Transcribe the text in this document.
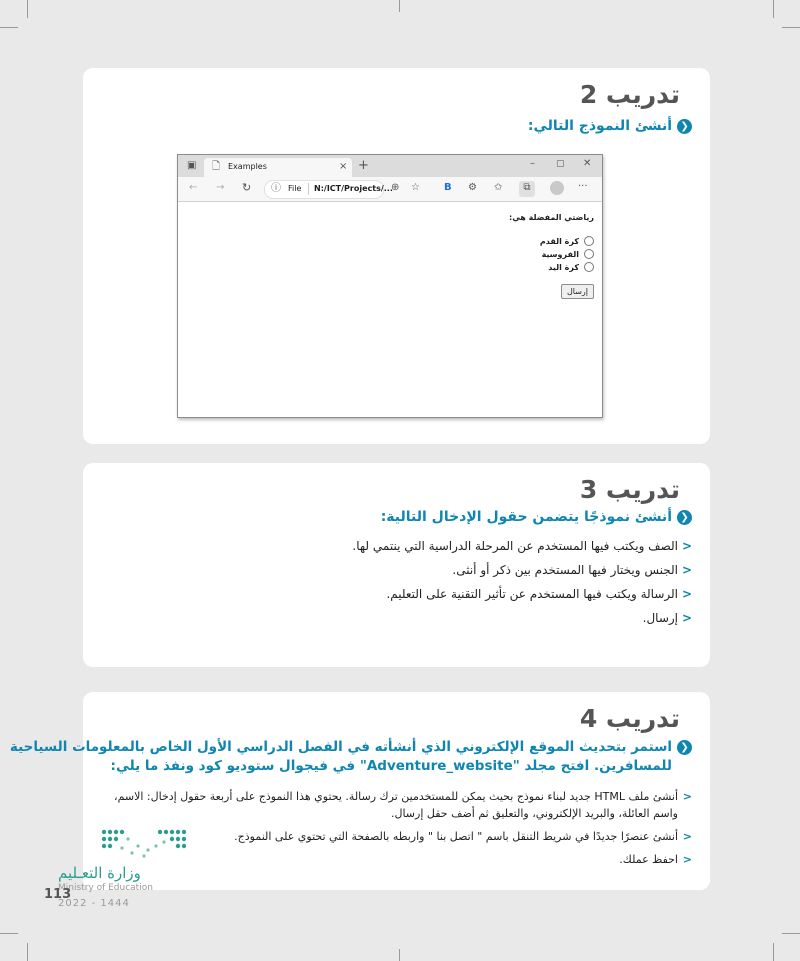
تدريب 2
❮
أنشئ النموذج التالي:
▣ 🗋 Examples	× +	– ▢ ✕
← → ↻ ⓘ File N:/ICT/Projects/...
⊕ ☆ B ⚙ ✩	⧉	···
رياضتي المفضلة هي:
كرة القدم
الفروسية
كرة اليد
إرسال
تدريب 3
❮
أنشئ نموذجًا يتضمن حقول الإدخال التالية:
<
الصف ويكتب فيها المستخدم عن المرحلة الدراسية التي ينتمي لها.
<
الجنس ويختار فيها المستخدم بين ذكر أو أنثى.
<
الرسالة ويكتب فيها المستخدم عن تأثير التقنية على التعليم.
<
إرسال.
تدريب 4
❮
استمر بتحديث الموقع الإلكتروني الذي أنشأته في الفصل الدراسي الأول الخاص بالمعلومات السياحية
للمسافرين. افتح مجلد "Adventure_website" في فيجوال ستوديو كود ونفذ ما يلي:
<
أنشئ ملف HTML جديد لبناء نموذج بحيث يمكن للمستخدمين ترك رسالة. يحتوي هذا النموذج على أربعة حقول إدخال: الاسم، واسم العائلة، والبريد الإلكتروني، والتعليق ثم أضف حقل إرسال.
<
أنشئ عنصرًا جديدًا في شريط التنقل باسم " اتصل بنا " واربطه بالصفحة التي تحتوي على النموذج.
<
احفظ عملك.
وزارة التعـليم
Ministry of Education
2022 - 1444
113
